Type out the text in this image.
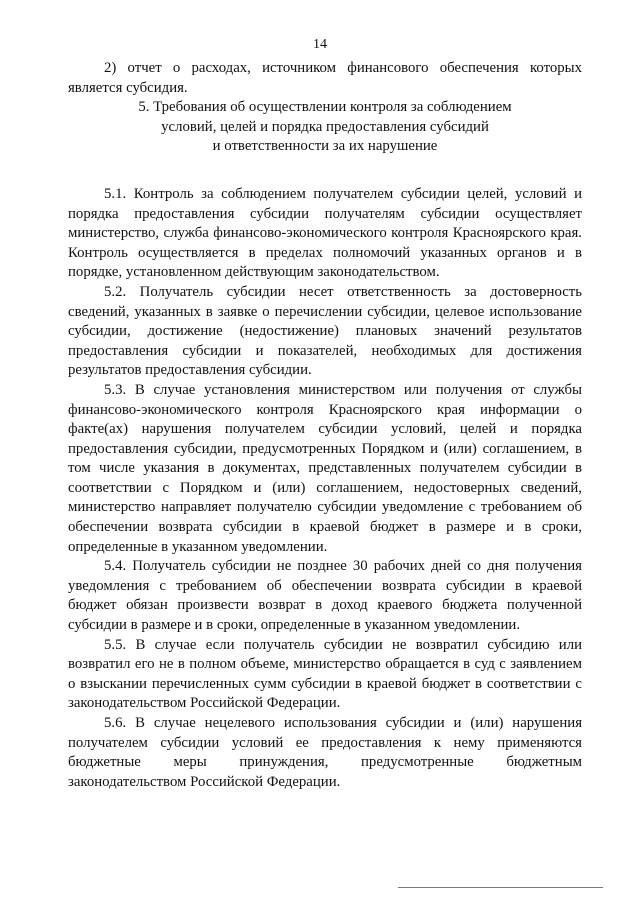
14

2) отчет о расходах, источником финансового обеспечения которых является субсидия.

5. Требования об осуществлении контроля за соблюдением
условий, целей и порядка предоставления субсидий
и ответственности за их нарушение

5.1. Контроль за соблюдением получателем субсидии целей, условий и порядка предоставления субсидии получателям субсидии осуществляет министерство, служба финансово-экономического контроля Красноярского края. Контроль осуществляется в пределах полномочий указанных органов и в порядке, установленном действующим законодательством.

5.2. Получатель субсидии несет ответственность за достоверность сведений, указанных в заявке о перечислении субсидии, целевое использование субсидии, достижение (недостижение) плановых значений результатов предоставления субсидии и показателей, необходимых для достижения результатов предоставления субсидии.

5.3. В случае установления министерством или получения от службы финансово-экономического контроля Красноярского края информации о факте(ах) нарушения получателем субсидии условий, целей и порядка предоставления субсидии, предусмотренных Порядком и (или) соглашением, в том числе указания в документах, представленных получателем субсидии в соответствии с Порядком и (или) соглашением, недостоверных сведений, министерство направляет получателю субсидии уведомление с требованием об обеспечении возврата субсидии в краевой бюджет в размере и в сроки, определенные в указанном уведомлении.

5.4. Получатель субсидии не позднее 30 рабочих дней со дня получения уведомления с требованием об обеспечении возврата субсидии в краевой бюджет обязан произвести возврат в доход краевого бюджета полученной субсидии в размере и в сроки, определенные в указанном уведомлении.

5.5. В случае если получатель субсидии не возвратил субсидию или возвратил его не в полном объеме, министерство обращается в суд с заявлением о взыскании перечисленных сумм субсидии в краевой бюджет в соответствии с законодательством Российской Федерации.

5.6. В случае нецелевого использования субсидии и (или) нарушения получателем субсидии условий ее предоставления к нему применяются бюджетные меры принуждения, предусмотренные бюджетным законодательством Российской Федерации.
